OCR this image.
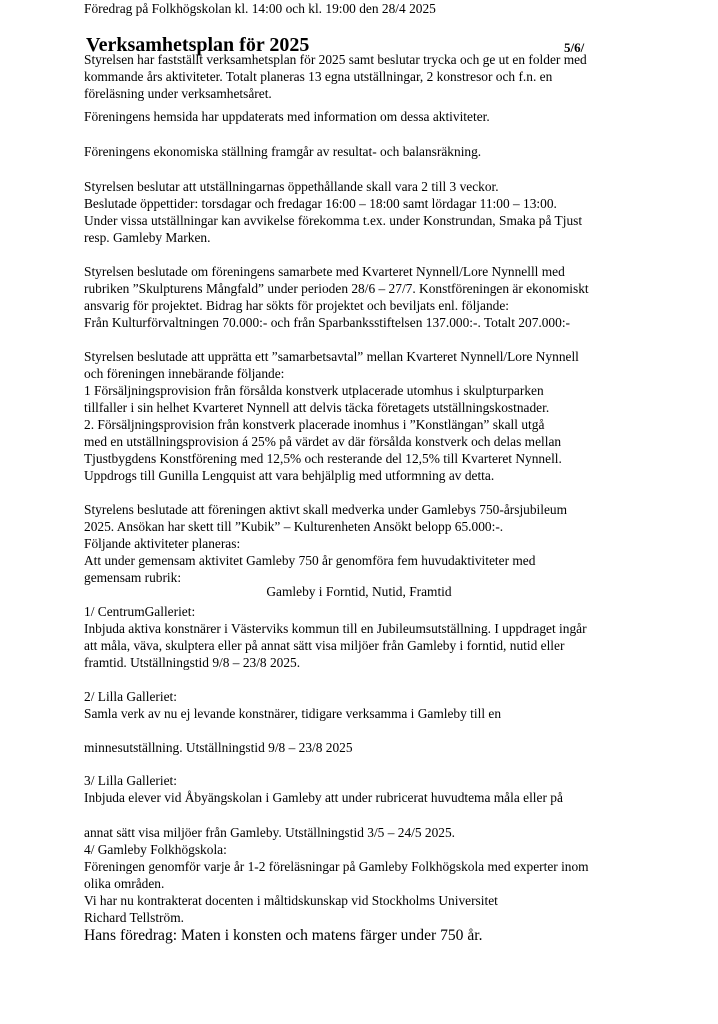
Verksamhetsplan för 2025	5/6/
Styrelsen har fastställt verksamhetsplan för 2025 samt beslutar trycka och ge ut en folder med
kommande års aktiviteter. Totalt planeras 13 egna utställningar, 2 konstresor och f.n. en
föreläsning under verksamhetsåret.
Föreningens hemsida har uppdaterats med information om dessa aktiviteter.
Föreningens ekonomiska ställning framgår av resultat- och balansräkning.
Styrelsen beslutar att utställningarnas öppethållande skall vara 2 till 3 veckor.
Beslutade öppettider: torsdagar och fredagar 16:00 – 18:00 samt lördagar 11:00 – 13:00.
Under vissa utställningar kan avvikelse förekomma t.ex. under Konstrundan, Smaka på Tjust
resp. Gamleby Marken.
Styrelsen beslutade om föreningens samarbete med Kvarteret Nynnell/Lore Nynnelll med
rubriken ”Skulpturens Mångfald” under perioden 28/6 – 27/7. Konstföreningen är ekonomiskt
ansvarig för projektet. Bidrag har sökts för projektet och beviljats enl. följande:
Från Kulturförvaltningen 70.000:- och från Sparbanksstiftelsen 137.000:-. Totalt 207.000:-
Styrelsen beslutade att upprätta ett ”samarbetsavtal” mellan Kvarteret Nynnell/Lore Nynnell
och föreningen innebärande följande:
1 Försäljningsprovision från försålda konstverk utplacerade utomhus i skulpturparken
tillfaller i sin helhet Kvarteret Nynnell att delvis täcka företagets utställningskostnader.
2. Försäljningsprovision från konstverk placerade inomhus i ”Konstlängan” skall utgå
med en utställningsprovision á 25% på värdet av där försålda konstverk och delas mellan
Tjustbygdens Konstförening med 12,5% och resterande del 12,5% till Kvarteret Nynnell.
Uppdrogs till Gunilla Lengquist att vara behjälplig med utformning av detta.
Styrelens beslutade att föreningen aktivt skall medverka under Gamlebys 750-årsjubileum
2025. Ansökan har skett till ”Kubik” – Kulturenheten Ansökt belopp 65.000:-.
Följande aktiviteter planeras:
Att under gemensam aktivitet Gamleby 750 år genomföra fem huvudaktiviteter med
gemensam rubrik:
Gamleby i Forntid, Nutid, Framtid
1/ CentrumGalleriet:
Inbjuda aktiva konstnärer i Västerviks kommun till en Jubileumsutställning. I uppdraget ingår
att måla, väva, skulptera eller på annat sätt visa miljöer från Gamleby i forntid, nutid eller
framtid. Utställningstid 9/8 – 23/8 2025.
2/ Lilla Galleriet:
Samla verk av nu ej levande konstnärer, tidigare verksamma i Gamleby till en
minnesutställning. Utställningstid 9/8 – 23/8 2025
3/ Lilla Galleriet:
Inbjuda elever vid Åbyängskolan i Gamleby att under rubricerat huvudtema måla eller på
annat sätt visa miljöer från Gamleby. Utställningstid 3/5 – 24/5 2025.
4/ Gamleby Folkhögskola:
Föreningen genomför varje år 1-2 föreläsningar på Gamleby Folkhögskola med experter inom
olika områden.
Vi har nu kontrakterat docenten i måltidskunskap vid Stockholms Universitet
Richard Tellström.
Hans föredrag: Maten i konsten och matens färger under 750 år.
Föredrag på Folkhögskolan kl. 14:00 och kl. 19:00 den 28/4 2025
